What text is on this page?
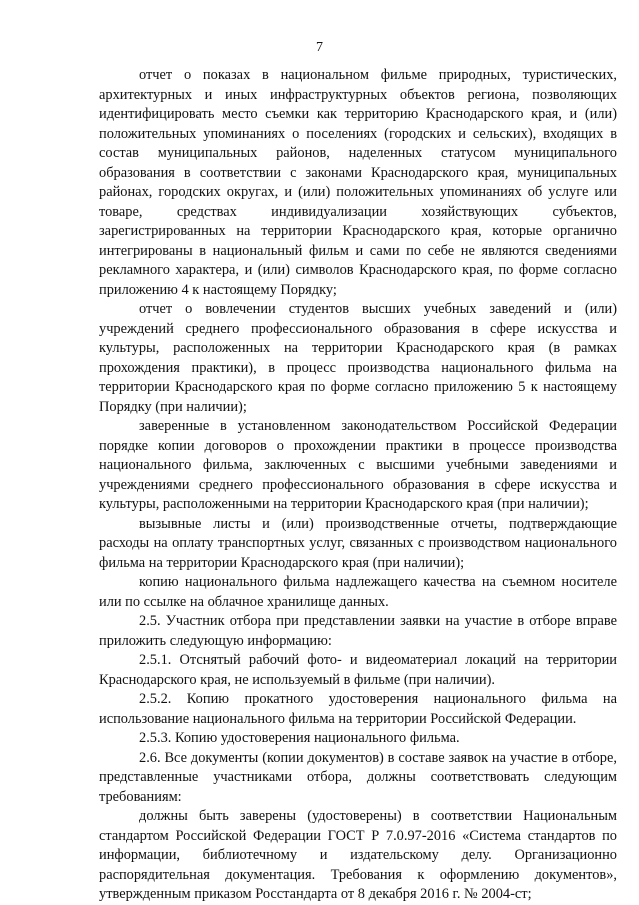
7

отчет о показах в национальном фильме природных, туристических, архитектурных и иных инфраструктурных объектов региона, позволяющих идентифицировать место съемки как территорию Краснодарского края, и (или) положительных упоминаниях о поселениях (городских и сельских), входящих в состав муниципальных районов, наделенных статусом муниципального образования в соответствии с законами Краснодарского края, муниципальных районах, городских округах, и (или) положительных упоминаниях об услуге или товаре, средствах индивидуализации хозяйствующих субъектов, зарегистрированных на территории Краснодарского края, которые органично интегрированы в национальный фильм и сами по себе не являются сведениями рекламного характера, и (или) символов Краснодарского края, по форме согласно приложению 4 к настоящему Порядку;

отчет о вовлечении студентов высших учебных заведений и (или) учреждений среднего профессионального образования в сфере искусства и культуры, расположенных на территории Краснодарского края (в рамках прохождения практики), в процесс производства национального фильма на территории Краснодарского края по форме согласно приложению 5 к настоящему Порядку (при наличии);

заверенные в установленном законодательством Российской Федерации порядке копии договоров о прохождении практики в процессе производства национального фильма, заключенных с высшими учебными заведениями и учреждениями среднего профессионального образования в сфере искусства и культуры, расположенными на территории Краснодарского края (при наличии);

вызывные листы и (или) производственные отчеты, подтверждающие расходы на оплату транспортных услуг, связанных с производством национального фильма на территории Краснодарского края (при наличии);

копию национального фильма надлежащего качества на съемном носителе или по ссылке на облачное хранилище данных.

2.5. Участник отбора при представлении заявки на участие в отборе вправе приложить следующую информацию:

2.5.1. Отснятый рабочий фото- и видеоматериал локаций на территории Краснодарского края, не используемый в фильме (при наличии).

2.5.2. Копию прокатного удостоверения национального фильма на использование национального фильма на территории Российской Федерации.

2.5.3. Копию удостоверения национального фильма.

2.6. Все документы (копии документов) в составе заявок на участие в отборе, представленные участниками отбора, должны соответствовать следующим требованиям:

должны быть заверены (удостоверены) в соответствии Национальным стандартом Российской Федерации ГОСТ Р 7.0.97-2016 «Система стандартов по информации, библиотечному и издательскому делу. Организационно распорядительная документация. Требования к оформлению документов», утвержденным приказом Росстандарта от 8 декабря 2016 г. № 2004-ст;
